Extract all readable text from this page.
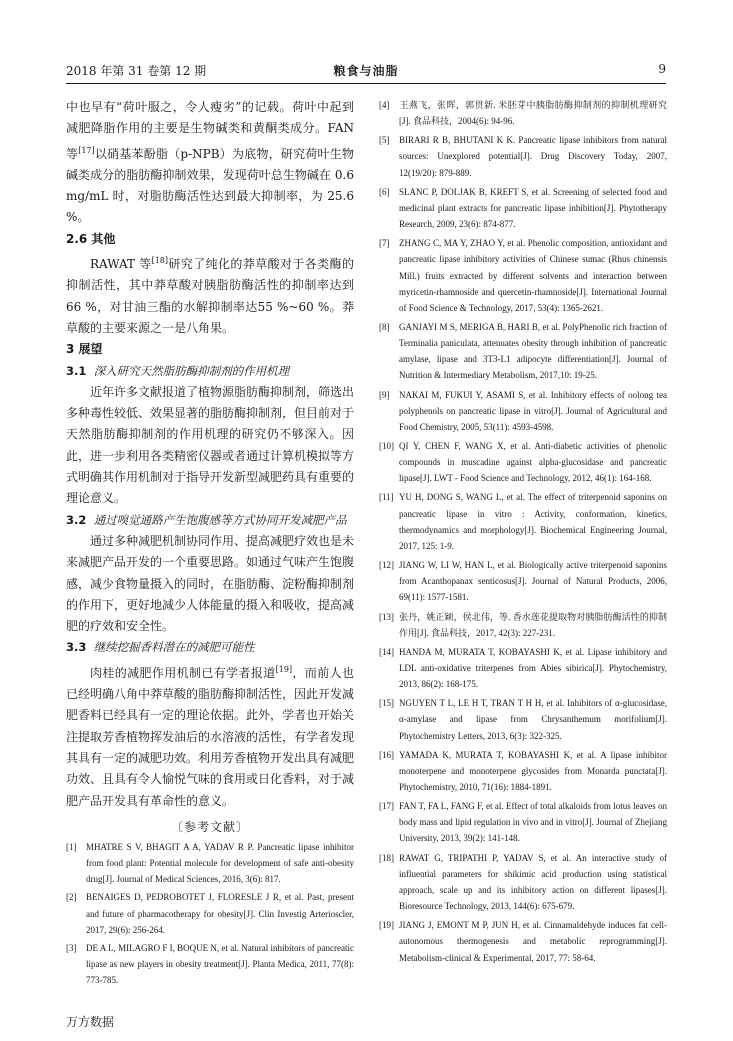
2018 年第 31 卷第 12 期	粮食与油脂	9

中也早有“荷叶服之，令人瘦劣”的记载。荷叶中起到减肥降脂作用的主要是生物碱类和黄酮类成分。FAN 等[17]以硝基苯酚脂（p-NPB）为底物，研究荷叶生物碱类成分的脂肪酶抑制效果，发现荷叶总生物碱在 0.6 mg/mL 时，对脂肪酶活性达到最大抑制率，为 25.6 %。

2.6 其他

RAWAT 等[18]研究了纯化的莽草酸对于各类酶的抑制活性，其中莽草酸对胰脂肪酶活性的抑制率达到66 %，对甘油三酯的水解抑制率达55 %~60 %。莽草酸的主要来源之一是八角果。

3 展望

3.1 深入研究天然脂肪酶抑制剂的作用机理

近年许多文献报道了植物源脂肪酶抑制剂，筛选出多种毒性较低、效果显著的脂肪酶抑制剂，但目前对于天然脂肪酶抑制剂的作用机理的研究仍不够深入。因此，进一步利用各类精密仪器或者通过计算机模拟等方式明确其作用机制对于指导开发新型减肥药具有重要的理论意义。

3.2 通过嗅觉通路产生饱腹感等方式协同开发减肥产品

通过多种减肥机制协同作用、提高减肥疗效也是未来减肥产品开发的一个重要思路。如通过气味产生饱腹感，减少食物量摄入的同时，在脂肪酶、淀粉酶抑制剂的作用下，更好地减少人体能量的摄入和吸收，提高减肥的疗效和安全性。

3.3 继续挖掘香料潜在的减肥可能性

肉桂的减肥作用机制已有学者报道[19]，而前人也已经明确八角中莽草酸的脂肪酶抑制活性，因此开发减肥香料已经具有一定的理论依据。此外，学者也开始关注提取芳香植物挥发油后的水溶液的活性，有学者发现其具有一定的减肥功效。利用芳香植物开发出具有减肥功效、且具有令人愉悦气味的食用或日化香料，对于减肥产品开发具有革命性的意义。

〔参考文献〕

[1] MHATRE S V, BHAGIT A A, YADAV R P. Pancreatic lipase inhibitor from food plant: Potential molecule for development of safe anti-obesity drug[J]. Journal of Medical Sciences, 2016, 3(6): 817.

[2] BENAIGES D, PEDROBOTET J, FLORESLE J R, et al. Past, present and future of pharmacotherapy for obesity[J]. Clin Investig Arterioscler, 2017, 29(6): 256-264.

[3] DE A L, MILAGRO F I, BOQUE N, et al. Natural inhibitors of pancreatic lipase as new players in obesity treatment[J]. Planta Medica, 2011, 77(8): 773-785.

[4] 王燕飞，张晖，郭贯新. 米胚芽中胰脂肪酶抑制剂的抑制机理研究[J]. 食品科技，2004(6): 94-96.

[5] BIRARI R B, BHUTANI K K. Pancreatic lipase inhibitors from natural sources: Unexplored potential[J]. Drug Discovery Today, 2007, 12(19/20): 879-889.

[6] SLANC P, DOLJAK B, KREFT S, et al. Screening of selected food and medicinal plant extracts for pancreatic lipase inhibition[J]. Phytotherapy Research, 2009, 23(6): 874-877.

[7] ZHANG C, MA Y, ZHAO Y, et al. Phenolic composition, antioxidant and pancreatic lipase inhibitory activities of Chinese sumac (Rhus chinensis Mill.) fruits extracted by different solvents and interaction between myricetin-rhamnoside and quercetin-rhamnoside[J]. International Journal of Food Science & Technology, 2017, 53(4): 1365-2621.

[8] GANJAYI M S, MERIGA B, HARI B, et al. PolyPhenolic rich fraction of Terminalia paniculata, attenuates obesity through inhibition of pancreatic amylase, lipase and 3T3-L1 adipocyte differentiation[J]. Journal of Nutrition & Intermediary Metabolism, 2017,10: 19-25.

[9] NAKAI M, FUKUI Y, ASAMI S, et al. Inhibitory effects of oolong tea polyphenols on pancreatic lipase in vitro[J]. Journal of Agricultural and Food Chemistry, 2005, 53(11): 4593-4598.

[10] QI Y, CHEN F, WANG X, et al. Anti-diabetic activities of phenolic compounds in muscadine against alpha-glucosidase and pancreatic lipase[J]. LWT - Food Science and Technology, 2012, 46(1): 164-168.

[11] YU H, DONG S, WANG L, et al. The effect of triterpenoid saponins on pancreatic lipase in vitro : Activity, conformation, kinetics, thermodynamics and morphology[J]. Biochemical Engineering Journal, 2017, 125: 1-9.

[12] JIANG W, LI W, HAN L, et al. Biologically active triterpenoid saponins from Acanthopanax senticosus[J]. Journal of Natural Products, 2006, 69(11): 1577-1581.

[13] 张丹，姚正颖，侯北伟，等. 香水莲花提取物对胰脂肪酶活性的抑制作用[J]. 食品科技，2017, 42(3): 227-231.

[14] HANDA M, MURATA T, KOBAYASHI K, et al. Lipase inhibitory and LDL anti-oxidative triterpenes from Abies sibirica[J]. Phytochemistry, 2013, 86(2): 168-175.

[15] NGUYEN T L, LE H T, TRAN T H H, et al. Inhibitors of α-glucosidase, α-amylase and lipase from Chrysanthemum morifolium[J]. Phytochemistry Letters, 2013, 6(3): 322-325.

[16] YAMADA K, MURATA T, KOBAYASHI K, et al. A lipase inhibitor monoterpene and monoterpene glycosides from Monarda punctata[J]. Phytochemistry, 2010, 71(16): 1884-1891.

[17] FAN T, FA L, FANG F, et al. Effect of total alkaloids from lotus leaves on body mass and lipid regulation in vivo and in vitro[J]. Journal of Zhejiang University, 2013, 39(2): 141-148.

[18] RAWAT G, TRIPATHI P, YADAV S, et al. An interactive study of influential parameters for shikimic acid production using statistical approach, scale up and its inhibitory action on different lipases[J]. Bioresource Technology, 2013, 144(6): 675-679.

[19] JIANG J, EMONT M P, JUN H, et al. Cinnamaldehyde induces fat cell-autonomous thermogenesis and metabolic reprogramming[J]. Metabolism-clinical & Experimental, 2017, 77: 58-64.

万方数据
